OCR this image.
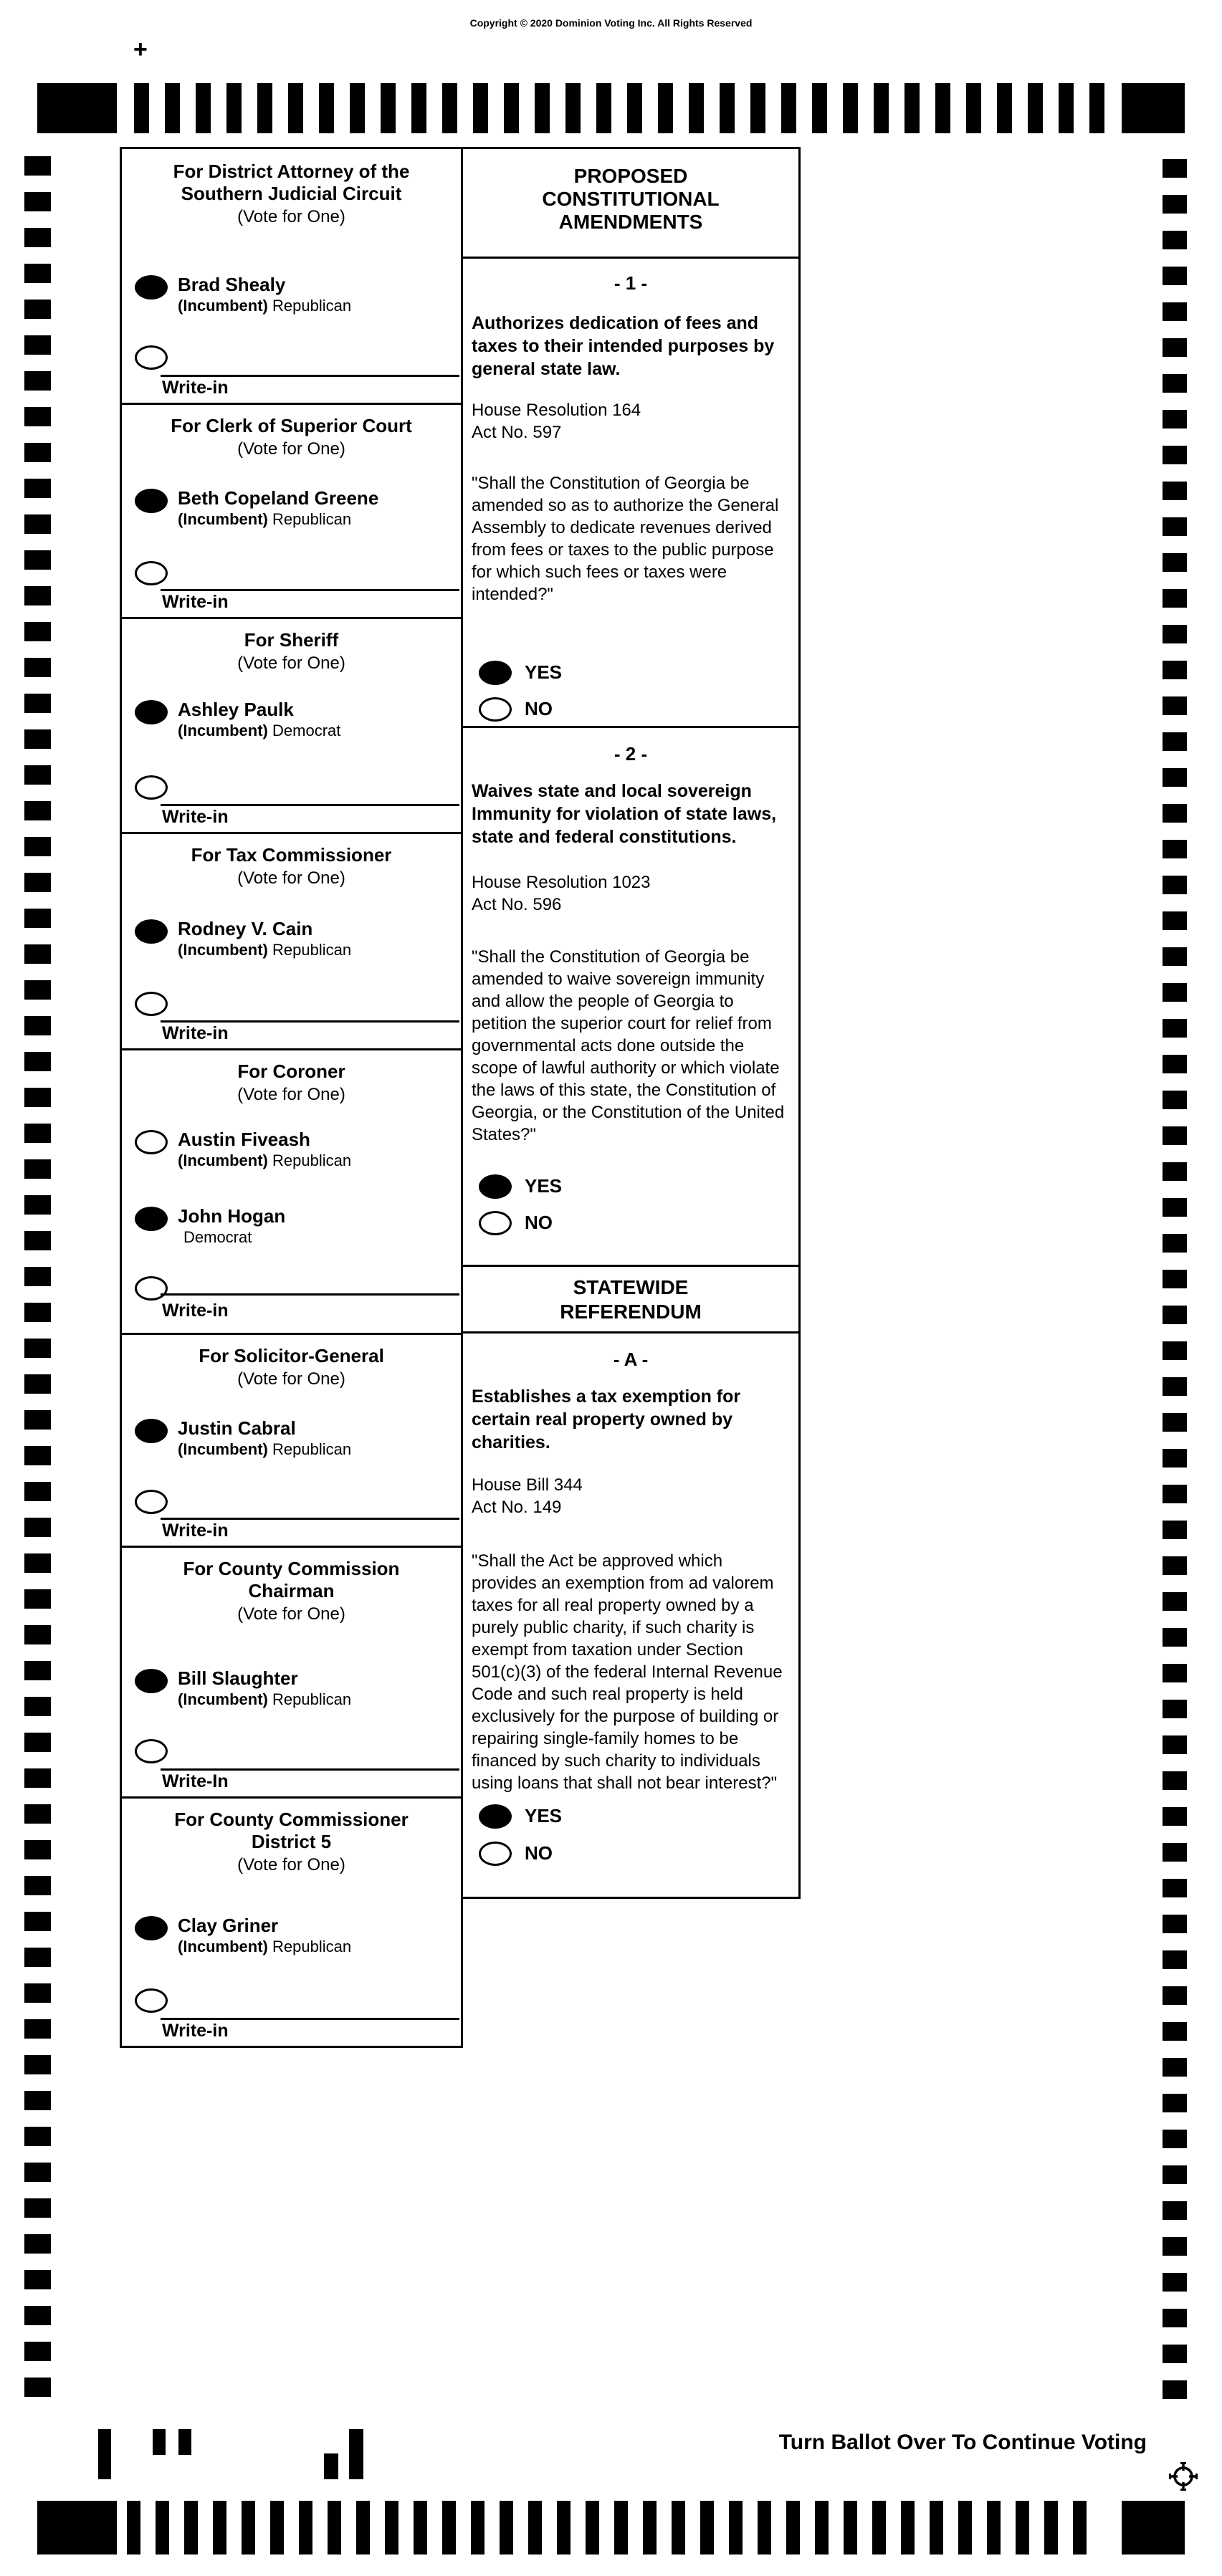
Copyright © 2020 Dominion Voting Inc. All Rights Reserved
+
For District Attorney of the Southern Judicial Circuit
(Vote for One)
Brad Shealy
(Incumbent) Republican
Write-in
For Clerk of Superior Court
(Vote for One)
Beth Copeland Greene
(Incumbent) Republican
Write-in
For Sheriff
(Vote for One)
Ashley Paulk
(Incumbent) Democrat
Write-in
For Tax Commissioner
(Vote for One)
Rodney V. Cain
(Incumbent) Republican
Write-in
For Coroner
(Vote for One)
Austin Fiveash
(Incumbent) Republican
John Hogan
Democrat
Write-in
For Solicitor-General
(Vote for One)
Justin Cabral
(Incumbent) Republican
Write-in
For County Commission Chairman
(Vote for One)
Bill Slaughter
(Incumbent) Republican
Write-In
For County Commissioner District 5
(Vote for One)
Clay Griner
(Incumbent) Republican
Write-in
PROPOSED CONSTITUTIONAL AMENDMENTS
- 1 -
Authorizes dedication of fees and taxes to their intended purposes by general state law.
House Resolution 164
Act No. 597
"Shall the Constitution of Georgia be amended so as to authorize the General Assembly to dedicate revenues derived from fees or taxes to the public purpose for which such fees or taxes were intended?"
YES
NO
- 2 -
Waives state and local sovereign Immunity for violation of state laws, state and federal constitutions.
House Resolution 1023
Act No. 596
"Shall the Constitution of Georgia be amended to waive sovereign immunity and allow the people of Georgia to petition the superior court for relief from governmental acts done outside the scope of lawful authority or which violate the laws of this state, the Constitution of Georgia, or the Constitution of the United States?"
YES
NO
STATEWIDE REFERENDUM
- A -
Establishes a tax exemption for certain real property owned by charities.
House Bill 344
Act No. 149
"Shall the Act be approved which provides an exemption from ad valorem taxes for all real property owned by a purely public charity, if such charity is exempt from taxation under Section 501(c)(3) of the federal Internal Revenue Code and such real property is held exclusively for the purpose of building or repairing single-family homes to be financed by such charity to individuals using loans that shall not bear interest?"
YES
NO
Turn Ballot Over To Continue Voting
20
